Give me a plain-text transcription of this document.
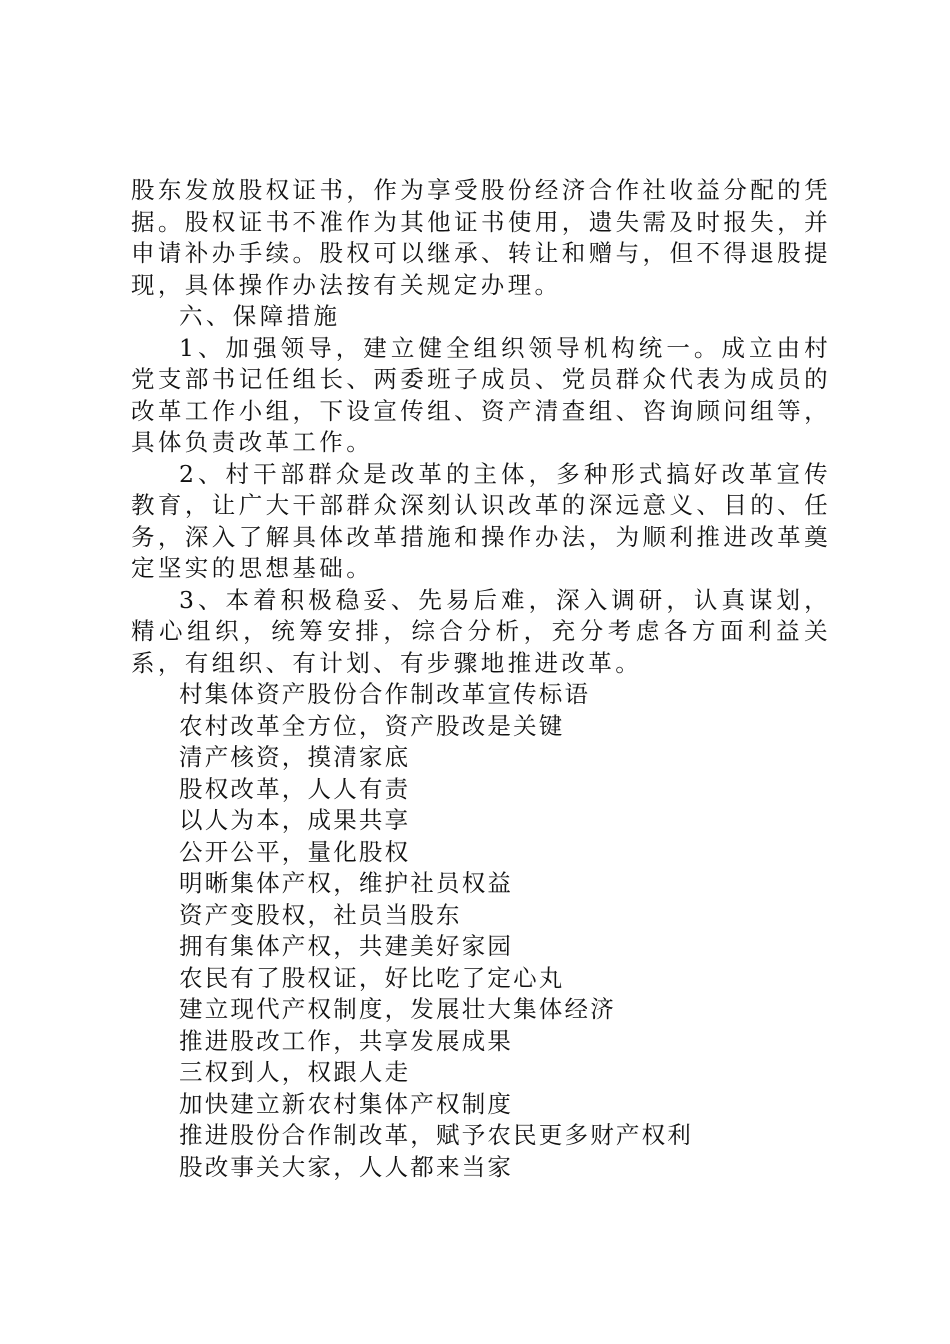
股东发放股权证书，作为享受股份经济合作社收益分配的凭据。股权证书不准作为其他证书使用，遗失需及时报失，并申请补办手续。股权可以继承、转让和赠与，但不得退股提现，具体操作办法按有关规定办理。

六、保障措施

1、加强领导，建立健全组织领导机构统一。成立由村党支部书记任组长、两委班子成员、党员群众代表为成员的改革工作小组，下设宣传组、资产清查组、咨询顾问组等，具体负责改革工作。

2、村干部群众是改革的主体，多种形式搞好改革宣传教育，让广大干部群众深刻认识改革的深远意义、目的、任务，深入了解具体改革措施和操作办法，为顺利推进改革奠定坚实的思想基础。

3、本着积极稳妥、先易后难，深入调研，认真谋划，精心组织，统筹安排，综合分析，充分考虑各方面利益关系，有组织、有计划、有步骤地推进改革。

村集体资产股份合作制改革宣传标语

农村改革全方位，资产股改是关键

清产核资，摸清家底

股权改革，人人有责

以人为本，成果共享

公开公平，量化股权

明晰集体产权，维护社员权益

资产变股权，社员当股东

拥有集体产权，共建美好家园

农民有了股权证，好比吃了定心丸

建立现代产权制度，发展壮大集体经济

推进股改工作，共享发展成果

三权到人，权跟人走

加快建立新农村集体产权制度

推进股份合作制改革，赋予农民更多财产权利

股改事关大家，人人都来当家
